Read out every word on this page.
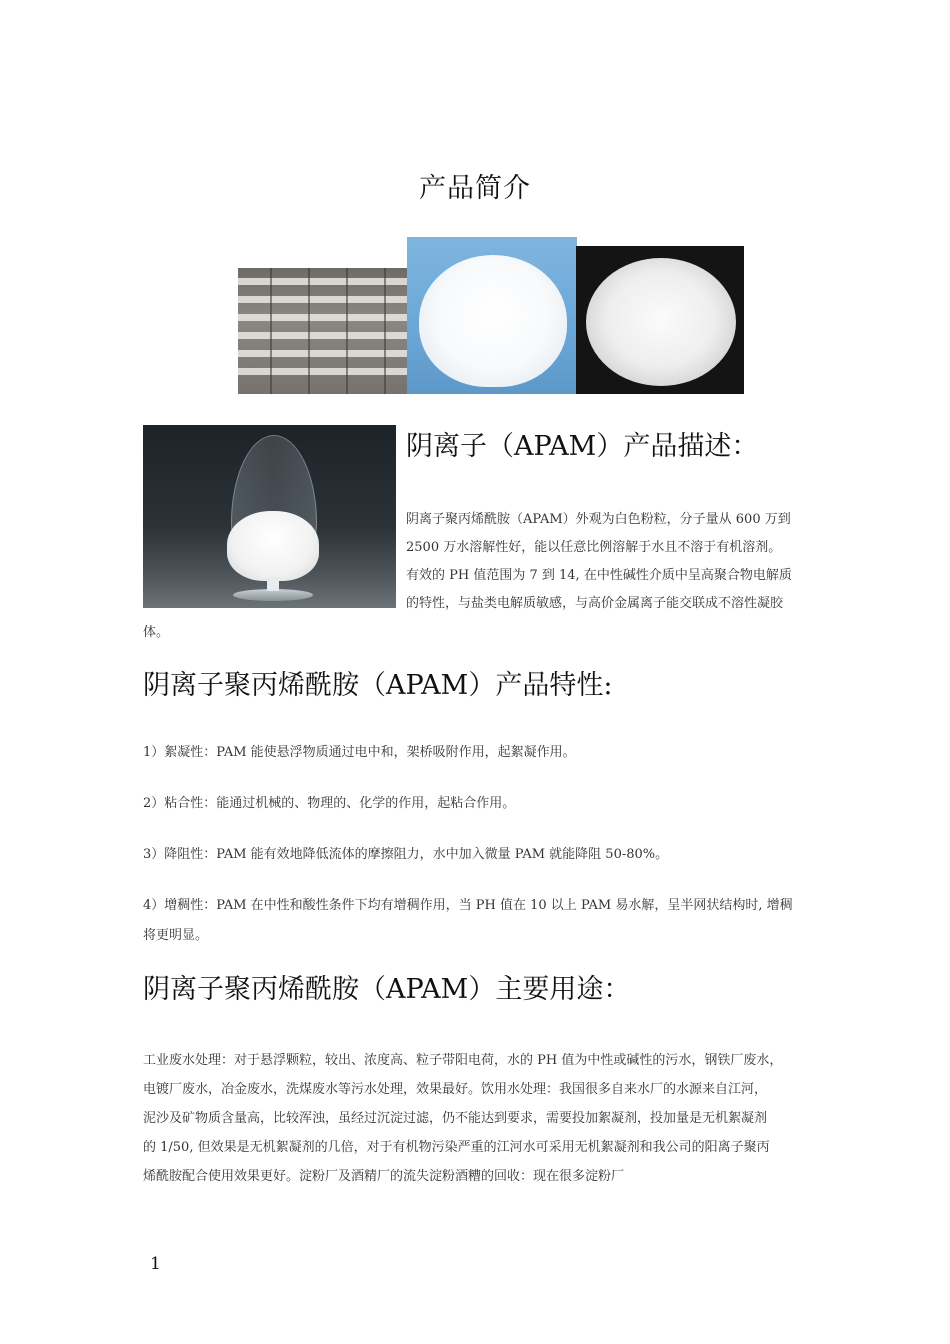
产品简介
阴离子（APAM）产品描述：
阴离子聚丙烯酰胺（APAM）外观为白色粉粒，分子量从 600 万到
2500 万水溶解性好，能以任意比例溶解于水且不溶于有机溶剂。
有效的 PH 值范围为 7 到 14, 在中性碱性介质中呈高聚合物电解质
的特性，与盐类电解质敏感，与高价金属离子能交联成不溶性凝胶
体。
阴离子聚丙烯酰胺（APAM）产品特性:
1）絮凝性：PAM 能使悬浮物质通过电中和，架桥吸附作用，起絮凝作用。
2）粘合性：能通过机械的、物理的、化学的作用，起粘合作用。
3）降阻性：PAM 能有效地降低流体的摩擦阻力，水中加入微量 PAM 就能降阻 50-80%。
4）增稠性：PAM 在中性和酸性条件下均有增稠作用，当 PH 值在 10 以上 PAM 易水解，呈半网状结构时, 增稠
将更明显。
阴离子聚丙烯酰胺（APAM）主要用途：
工业废水处理：对于悬浮颗粒，较出、浓度高、粒子带阳电荷，水的 PH 值为中性或碱性的污水，钢铁厂废水，
电镀厂废水，冶金废水，洗煤废水等污水处理，效果最好。饮用水处理：我国很多自来水厂的水源来自江河，
泥沙及矿物质含量高，比较浑浊，虽经过沉淀过滤，仍不能达到要求，需要投加絮凝剂，投加量是无机絮凝剂
的 1/50, 但效果是无机絮凝剂的几倍，对于有机物污染严重的江河水可采用无机絮凝剂和我公司的阳离子聚丙
烯酰胺配合使用效果更好。淀粉厂及酒精厂的流失淀粉酒糟的回收：现在很多淀粉厂
1
